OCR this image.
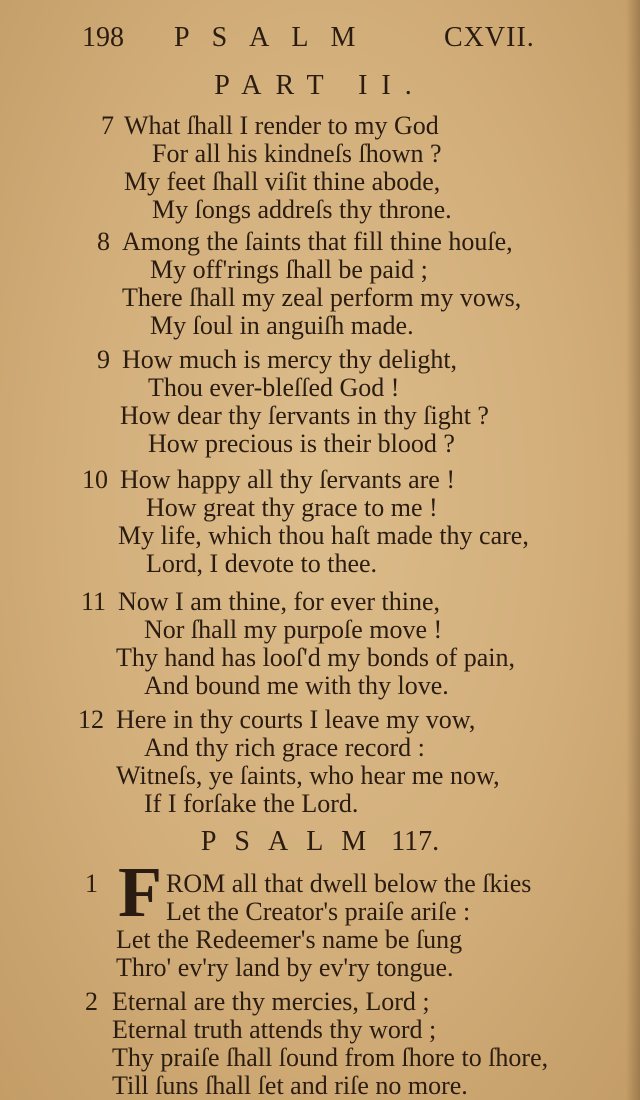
198 PSALM CXVII.
PART II.
7 What ſhall I render to my God
For all his kindneſs ſhown ?
My feet ſhall viſit thine abode,
My ſongs addreſs thy throne.
8 Among the ſaints that fill thine houſe,
My off'rings ſhall be paid ;
There ſhall my zeal perform my vows,
My ſoul in anguiſh made.
9 How much is mercy thy delight,
Thou ever-bleſſed God !
How dear thy ſervants in thy ſight ?
How precious is their blood ?
10 How happy all thy ſervants are !
How great thy grace to me !
My life, which thou haſt made thy care,
Lord, I devote to thee.
11 Now I am thine, for ever thine,
Nor ſhall my purpoſe move !
Thy hand has looſ'd my bonds of pain,
And bound me with thy love.
12 Here in thy courts I leave my vow,
And thy rich grace record :
Witneſs, ye ſaints, who hear me now,
If I forſake the Lord.
PSALM 117.
1	ROM all that dwell below the ſkies
Let the Creator's praiſe ariſe :
Let the Redeemer's name be ſung
Thro' ev'ry land by ev'ry tongue.
F
2 Eternal are thy mercies, Lord ;
Eternal truth attends thy word ;
Thy praiſe ſhall ſound from ſhore to ſhore,
Till ſuns ſhall ſet and riſe no more.
